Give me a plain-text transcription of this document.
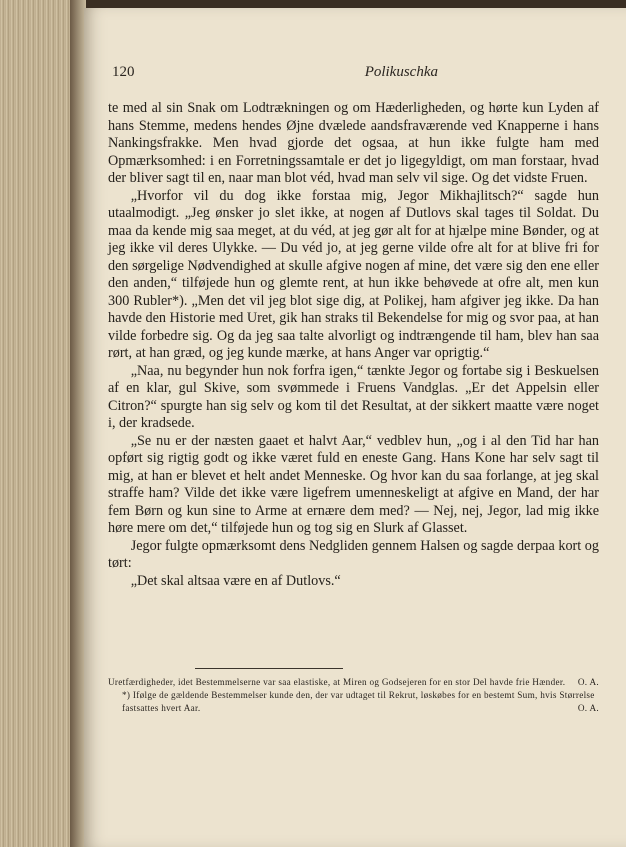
120	Polikuschka

te med al sin Snak om Lodtrækningen og om Hæderligheden, og hørte kun Lyden af hans Stemme, medens hendes Øjne dvælede aandsfraværende ved Knapperne i hans Nankingsfrakke. Men hvad gjorde det ogsaa, at hun ikke fulgte ham med Opmærksomhed: i en Forretningssamtale er det jo ligegyldigt, om man forstaar, hvad der bliver sagt til en, naar man blot véd, hvad man selv vil sige. Og det vidste Fruen.

„Hvorfor vil du dog ikke forstaa mig, Jegor Mikhajlitsch?“ sagde hun utaalmodigt. „Jeg ønsker jo slet ikke, at nogen af Dutlovs skal tages til Soldat. Du maa da kende mig saa meget, at du véd, at jeg gør alt for at hjælpe mine Bønder, og at jeg ikke vil deres Ulykke. — Du véd jo, at jeg gerne vilde ofre alt for at blive fri for den sørgelige Nødvendighed at skulle afgive nogen af mine, det være sig den ene eller den anden,“ tilføjede hun og glemte rent, at hun ikke behøvede at ofre alt, men kun 300 Rubler*). „Men det vil jeg blot sige dig, at Polikej, ham afgiver jeg ikke. Da han havde den Historie med Uret, gik han straks til Bekendelse for mig og svor paa, at han vilde forbedre sig. Og da jeg saa talte alvorligt og indtrængende til ham, blev han saa rørt, at han græd, og jeg kunde mærke, at hans Anger var oprigtig.“

„Naa, nu begynder hun nok forfra igen,“ tænkte Jegor og fortabe sig i Beskuelsen af en klar, gul Skive, som svømmede i Fruens Vandglas. „Er det Appelsin eller Citron?“ spurgte han sig selv og kom til det Resultat, at der sikkert maatte være noget i, der kradsede.

„Se nu er der næsten gaaet et halvt Aar,“ vedblev hun, „og i al den Tid har han opført sig rigtig godt og ikke været fuld en eneste Gang. Hans Kone har selv sagt til mig, at han er blevet et helt andet Menneske. Og hvor kan du saa forlange, at jeg skal straffe ham? Vilde det ikke være ligefrem umenneskeligt at afgive en Mand, der har fem Børn og kun sine to Arme at ernære dem med? — Nej, nej, Jegor, lad mig ikke høre mere om det,“ tilføjede hun og tog sig en Slurk af Glasset.

Jegor fulgte opmærksomt dens Nedgliden gennem Halsen og sagde derpaa kort og tørt:

„Det skal altsaa være en af Dutlovs.“

Uretfærdigheder, idet Bestemmelserne var saa elastiske, at Miren og Godsejeren for en stor Del havde frie Hænder. O. A.
*) Ifølge de gældende Bestemmelser kunde den, der var udtaget til Rekrut, løskøbes for en bestemt Sum, hvis Størrelse fastsattes hvert Aar.	O. A.
